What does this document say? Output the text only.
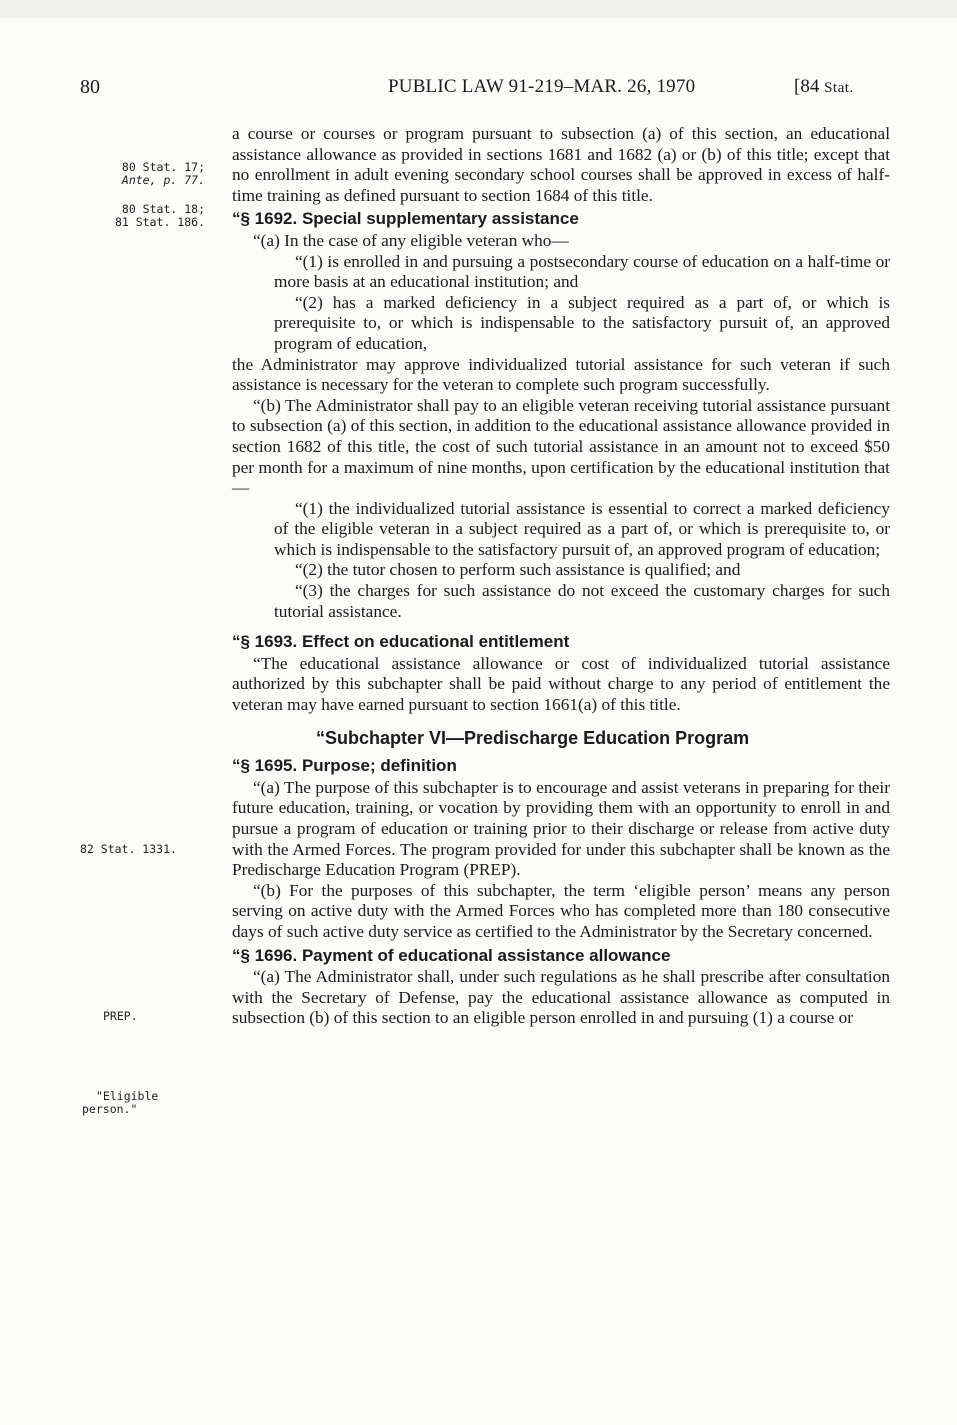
80	PUBLIC LAW 91-219–MAR. 26, 1970	[84 Stat.
80 Stat. 17;
Ante, p. 77.
80 Stat. 18;
81 Stat. 186.
82 Stat. 1331.
PREP.
"Eligible
person."

a course or courses or program pursuant to subsection (a) of this section, an educational assistance allowance as provided in sections 1681 and 1682 (a) or (b) of this title; except that no enrollment in adult evening secondary school courses shall be approved in excess of half-time training as defined pursuant to section 1684 of this title.

“§ 1692. Special supplementary assistance

“(a) In the case of any eligible veteran who—

“(1) is enrolled in and pursuing a postsecondary course of education on a half-time or more basis at an educational institution; and

“(2) has a marked deficiency in a subject required as a part of, or which is prerequisite to, or which is indispensable to the satisfactory pursuit of, an approved program of education,

the Administrator may approve individualized tutorial assistance for such veteran if such assistance is necessary for the veteran to complete such program successfully.

“(b) The Administrator shall pay to an eligible veteran receiving tutorial assistance pursuant to subsection (a) of this section, in addition to the educational assistance allowance provided in section 1682 of this title, the cost of such tutorial assistance in an amount not to exceed $50 per month for a maximum of nine months, upon certification by the educational institution that—

“(1) the individualized tutorial assistance is essential to correct a marked deficiency of the eligible veteran in a subject required as a part of, or which is prerequisite to, or which is indispensable to the satisfactory pursuit of, an approved program of education;

“(2) the tutor chosen to perform such assistance is qualified; and

“(3) the charges for such assistance do not exceed the customary charges for such tutorial assistance.

“§ 1693. Effect on educational entitlement

“The educational assistance allowance or cost of individualized tutorial assistance authorized by this subchapter shall be paid without charge to any period of entitlement the veteran may have earned pursuant to section 1661(a) of this title.

“Subchapter VI—Predischarge Education Program
“§ 1695. Purpose; definition

“(a) The purpose of this subchapter is to encourage and assist veterans in preparing for their future education, training, or vocation by providing them with an opportunity to enroll in and pursue a program of education or training prior to their discharge or release from active duty with the Armed Forces. The program provided for under this subchapter shall be known as the Predischarge Education Program (PREP).

“(b) For the purposes of this subchapter, the term ‘eligible person’ means any person serving on active duty with the Armed Forces who has completed more than 180 consecutive days of such active duty service as certified to the Administrator by the Secretary concerned.

“§ 1696. Payment of educational assistance allowance

“(a) The Administrator shall, under such regulations as he shall prescribe after consultation with the Secretary of Defense, pay the educational assistance allowance as computed in subsection (b) of this section to an eligible person enrolled in and pursuing (1) a course or
